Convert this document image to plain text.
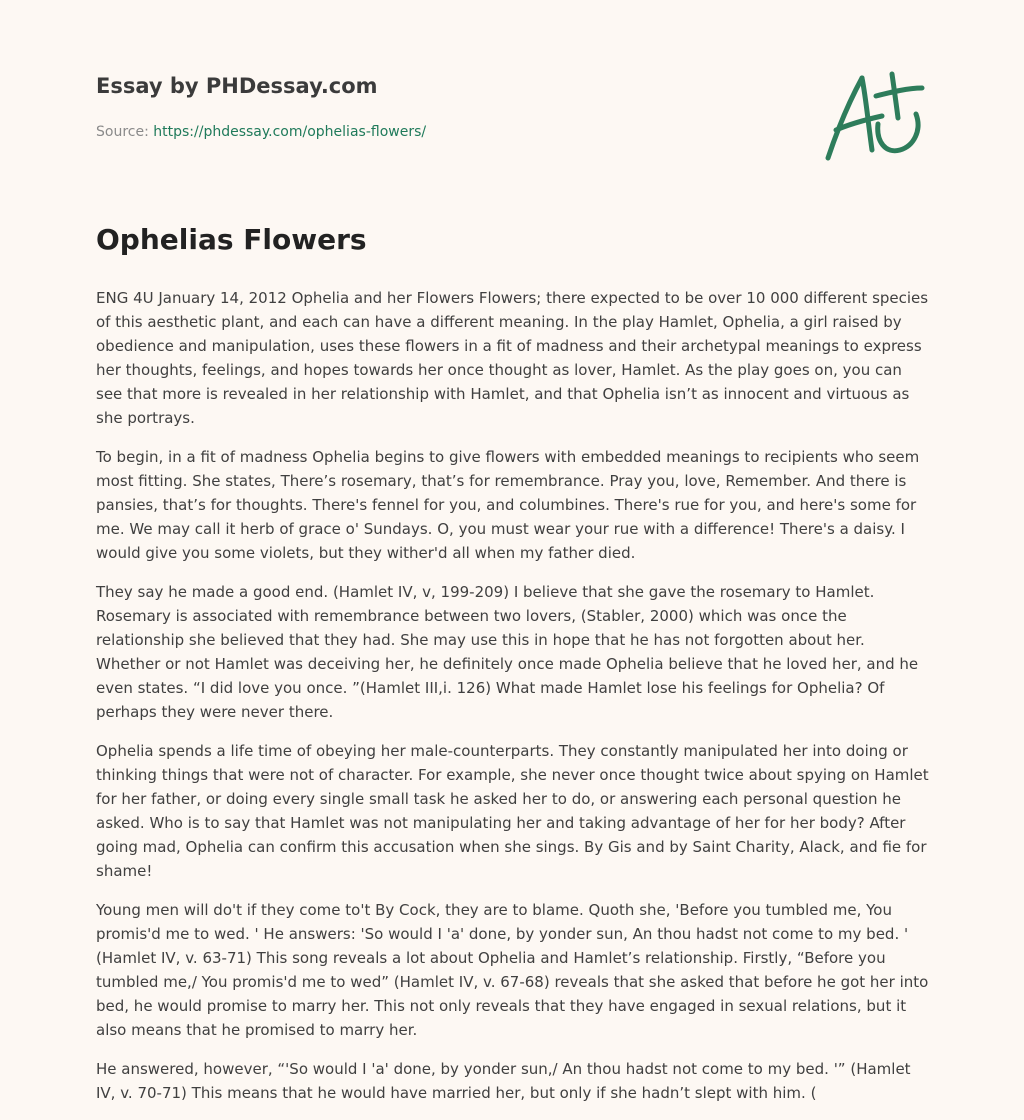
Essay by PHDessay.com

Source: https://phdessay.com/ophelias-flowers/

Ophelias Flowers

ENG 4U January 14, 2012 Ophelia and her Flowers Flowers; there expected to be over 10 000 different species of this aesthetic plant, and each can have a different meaning. In the play Hamlet, Ophelia, a girl raised by obedience and manipulation, uses these flowers in a fit of madness and their archetypal meanings to express her thoughts, feelings, and hopes towards her once thought as lover, Hamlet. As the play goes on, you can see that more is revealed in her relationship with Hamlet, and that Ophelia isn’t as innocent and virtuous as she portrays.

To begin, in a fit of madness Ophelia begins to give flowers with embedded meanings to recipients who seem most fitting. She states, There’s rosemary, that’s for remembrance. Pray you, love, Remember. And there is pansies, that’s for thoughts. There's fennel for you, and columbines. There's rue for you, and here's some for me. We may call it herb of grace o' Sundays. O, you must wear your rue with a difference! There's a daisy. I would give you some violets, but they wither'd all when my father died.

They say he made a good end. (Hamlet IV, v, 199-209) I believe that she gave the rosemary to Hamlet. Rosemary is associated with remembrance between two lovers, (Stabler, 2000) which was once the relationship she believed that they had. She may use this in hope that he has not forgotten about her. Whether or not Hamlet was deceiving her, he definitely once made Ophelia believe that he loved her, and he even states. “I did love you once. ”(Hamlet III,i. 126) What made Hamlet lose his feelings for Ophelia? Of perhaps they were never there.

Ophelia spends a life time of obeying her male-counterparts. They constantly manipulated her into doing or thinking things that were not of character. For example, she never once thought twice about spying on Hamlet for her father, or doing every single small task he asked her to do, or answering each personal question he asked. Who is to say that Hamlet was not manipulating her and taking advantage of her for her body? After going mad, Ophelia can confirm this accusation when she sings. By Gis and by Saint Charity, Alack, and fie for shame!

Young men will do't if they come to't By Cock, they are to blame. Quoth she, 'Before you tumbled me, You promis'd me to wed. ' He answers: 'So would I 'a' done, by yonder sun, An thou hadst not come to my bed. ' (Hamlet IV, v. 63-71) This song reveals a lot about Ophelia and Hamlet’s relationship. Firstly, “Before you tumbled me,/ You promis'd me to wed” (Hamlet IV, v. 67-68) reveals that she asked that before he got her into bed, he would promise to marry her. This not only reveals that they have engaged in sexual relations, but it also means that he promised to marry her.

He answered, however, “'So would I 'a' done, by yonder sun,/ An thou hadst not come to my bed. '” (Hamlet IV, v. 70-71) This means that he would have married her, but only if she hadn’t slept with him. (
